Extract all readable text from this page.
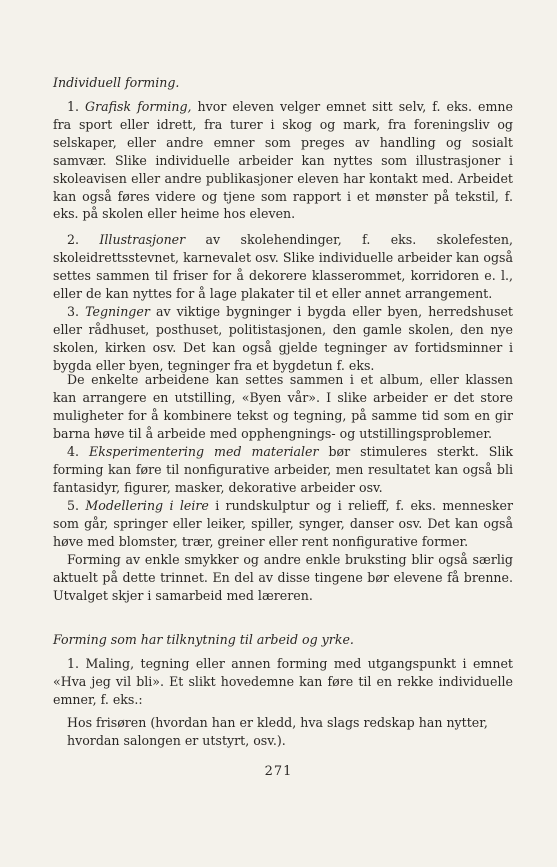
Individuell forming.

1. Grafisk forming, hvor eleven velger emnet sitt selv, f. eks. emne fra sport eller idrett, fra turer i skog og mark, fra foreningsliv og selskaper, eller andre emner som preges av handling og sosialt samvær. Slike individuelle arbeider kan nyttes som illustrasjoner i skoleavisen eller andre publikasjoner eleven har kontakt med. Arbeidet kan også føres videre og tjene som rapport i et mønster på tekstil, f. eks. på skolen eller heime hos eleven.

2. Illustrasjoner av skolehendinger, f. eks. skolefesten, skoleidrettsstevnet, karnevalet osv. Slike individuelle arbeider kan også settes sammen til friser for å dekorere klasserommet, korridoren e. l., eller de kan nyttes for å lage plakater til et eller annet arrangement.

3. Tegninger av viktige bygninger i bygda eller byen, herredshuset eller rådhuset, posthuset, politistasjonen, den gamle skolen, den nye skolen, kirken osv. Det kan også gjelde tegninger av fortidsminner i bygda eller byen, tegninger fra et bygdetun f. eks.

De enkelte arbeidene kan settes sammen i et album, eller klassen kan arrangere en utstilling, «Byen vår». I slike arbeider er det store muligheter for å kombinere tekst og tegning, på samme tid som en gir barna høve til å arbeide med opphengnings- og utstillingsproblemer.

4. Eksperimentering med materialer bør stimuleres sterkt. Slik forming kan føre til nonfigurative arbeider, men resultatet kan også bli fantasidyr, figurer, masker, dekorative arbeider osv.

5. Modellering i leire i rundskulptur og i relieff, f. eks. mennesker som går, springer eller leiker, spiller, synger, danser osv. Det kan også høve med blomster, trær, greiner eller rent nonfigurative former.

Forming av enkle smykker og andre enkle bruksting blir også særlig aktuelt på dette trinnet. En del av disse tingene bør elevene få brenne. Utvalget skjer i samarbeid med læreren.

Forming som har tilknytning til arbeid og yrke.

1. Maling, tegning eller annen forming med utgangspunkt i emnet «Hva jeg vil bli». Et slikt hovedemne kan føre til en rekke individuelle emner, f. eks.:

Hos frisøren (hvordan han er kledd, hva slags redskap han nytter, hvordan salongen er utstyrt, osv.).

271
